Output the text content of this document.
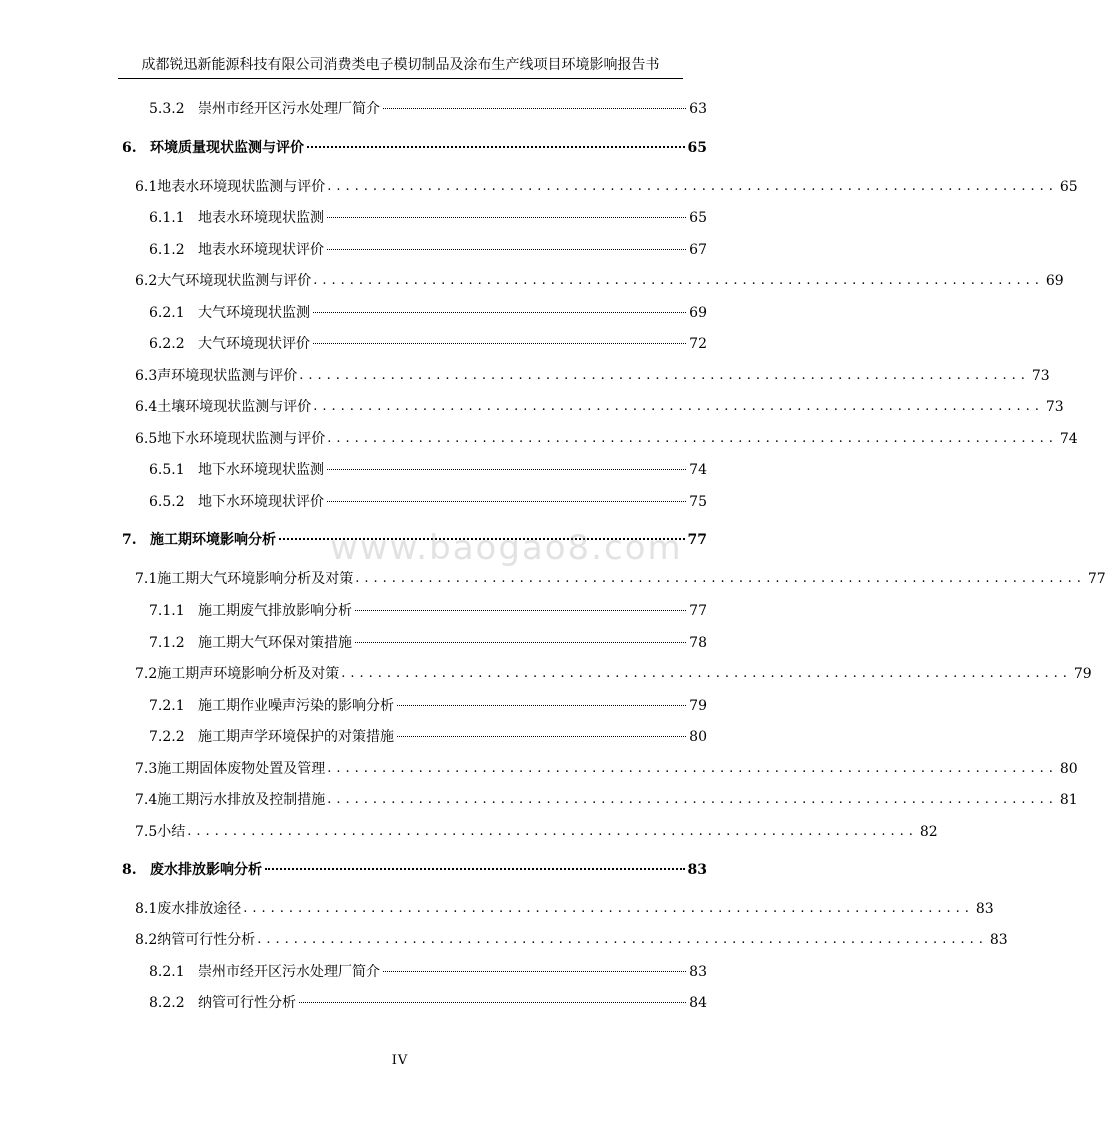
成都锐迅新能源科技有限公司消费类电子模切制品及涂布生产线项目环境影响报告书
5.3.2 崇州市经开区污水处理厂简介	63
6. 环境质量现状监测与评价	65
6.1 地表水环境现状监测与评价 ................................................................................ 65
6.1.1 地表水环境现状监测	65
6.1.2 地表水环境现状评价	67
6.2 大气环境现状监测与评价 ................................................................................ 69
6.2.1 大气环境现状监测	69
6.2.2 大气环境现状评价	72
6.3 声环境现状监测与评价 ................................................................................ 73
6.4 土壤环境现状监测与评价 ................................................................................ 73
6.5 地下水环境现状监测与评价 ................................................................................ 74
6.5.1 地下水环境现状监测	74
6.5.2 地下水环境现状评价	75
7. 施工期环境影响分析	77
7.1 施工期大气环境影响分析及对策 ................................................................................ 77
7.1.1 施工期废气排放影响分析	77
7.1.2 施工期大气环保对策措施	78
7.2 施工期声环境影响分析及对策 ................................................................................ 79
7.2.1 施工期作业噪声污染的影响分析	79
7.2.2 施工期声学环境保护的对策措施	80
7.3 施工期固体废物处置及管理 ................................................................................ 80
7.4 施工期污水排放及控制措施 ................................................................................ 81
7.5 小结 ................................................................................ 82
8. 废水排放影响分析	83
8.1 废水排放途径 ................................................................................ 83
8.2 纳管可行性分析 ................................................................................ 83
8.2.1 崇州市经开区污水处理厂简介	83
8.2.2 纳管可行性分析	84
www.baogao8.com
IV
